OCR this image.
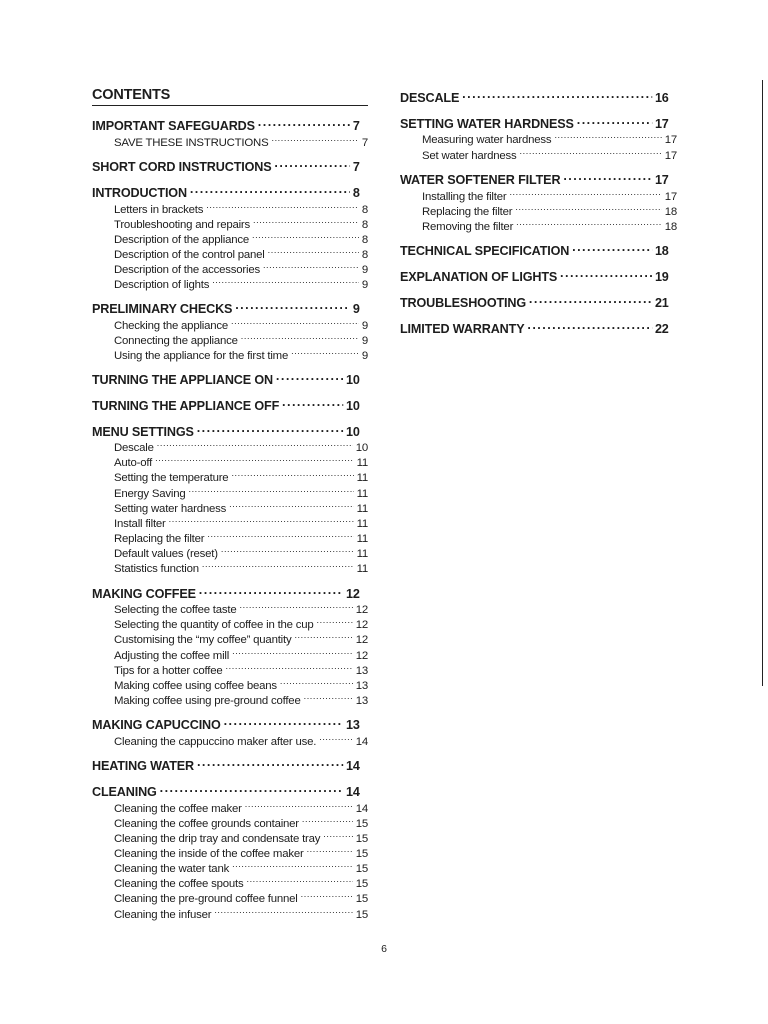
CONTENTS
IMPORTANT SAFEGUARDS .....	7
SAVE THESE INSTRUCTIONS .....	7
SHORT CORD INSTRUCTIONS .....	7
INTRODUCTION .....	8
Letters in brackets .....	8
Troubleshooting and repairs .....	8
Description of the appliance .....	8
Description of the control panel .....	8
Description of the accessories .....	9
Description of lights .....	9
PRELIMINARY CHECKS .....	9
Checking the appliance .....	9
Connecting the appliance .....	9
Using the appliance for the first time .....	9
TURNING THE APPLIANCE ON .....	10
TURNING THE APPLIANCE OFF .....	10
MENU SETTINGS .....	10
Descale .....	10
Auto-off .....	11
Setting the temperature .....	11
Energy Saving .....	11
Setting water hardness .....	11
Install filter .....	11
Replacing the filter .....	11
Default values (reset) .....	11
Statistics function .....	11
MAKING COFFEE .....	12
Selecting the coffee taste .....	12
Selecting the quantity of coffee in the cup .....	12
Customising the “my coffee” quantity .....	12
Adjusting the coffee mill .....	12
Tips for a hotter coffee .....	13
Making coffee using coffee beans .....	13
Making coffee using pre-ground coffee .....	13
MAKING CAPUCCINO .....	13
Cleaning the cappuccino maker after use. .....	14
HEATING WATER .....	14
CLEANING .....	14
Cleaning the coffee maker .....	14
Cleaning the coffee grounds container .....	15
Cleaning the drip tray and condensate tray .....	15
Cleaning the inside of the coffee maker .....	15
Cleaning the water tank .....	15
Cleaning the coffee spouts .....	15
Cleaning the pre-ground coffee funnel .....	15
Cleaning the infuser .....	15
DESCALE .....	16
SETTING WATER HARDNESS .....	17
Measuring water hardness .....	17
Set water hardness .....	17
WATER SOFTENER FILTER .....	17
Installing the filter .....	17
Replacing the filter .....	18
Removing the filter .....	18
TECHNICAL SPECIFICATION .....	18
EXPLANATION OF LIGHTS .....	19
TROUBLESHOOTING .....	21
LIMITED WARRANTY .....	22
6
